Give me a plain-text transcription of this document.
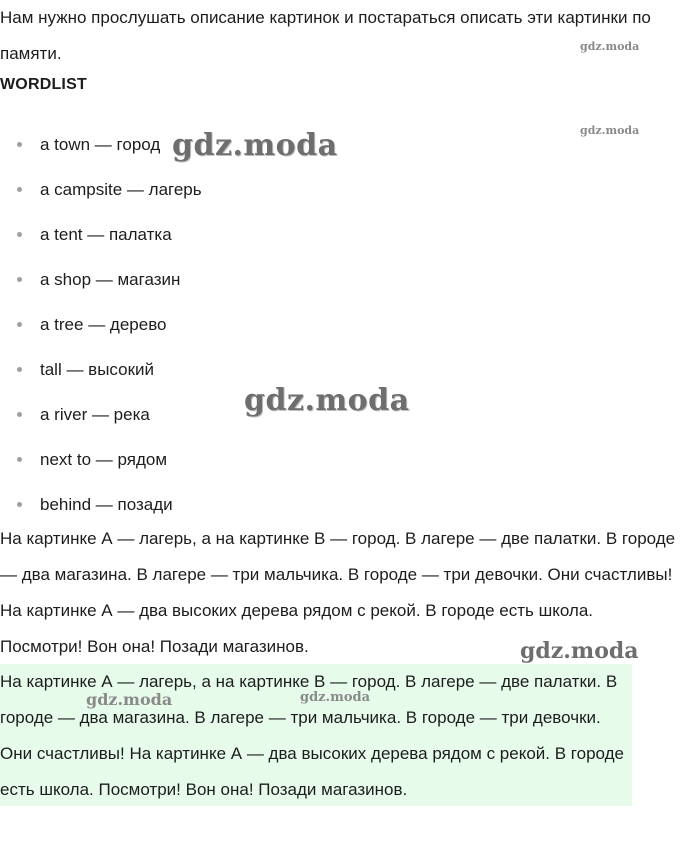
Нам нужно прослушать описание картинок и постараться описать эти картинки по памяти.

WORDLIST
a town — город
a campsite — лагерь
a tent — палатка
a shop — магазин
a tree — дерево
tall — высокий
a river — река
next to — рядом
behind — позади

На картинке А — лагерь, а на картинке В — город. В лагере — две палатки. В городе — два магазина. В лагере — три мальчика. В городе — три девочки. Они счастливы! На картинке А — два высоких дерева рядом с рекой. В городе есть школа. Посмотри! Вон она! Позади магазинов.

На картинке А — лагерь, а на картинке В — город. В лагере — две палатки. В городе — два магазина. В лагере — три мальчика. В городе — три девочки. Они счастливы! На картинке А — два высоких дерева рядом с рекой. В городе есть школа. Посмотри! Вон она! Позади магазинов.

gdz.moda
gdz.moda
gdz.moda
gdz.moda
gdz.moda
gdz.moda	gdz.moda
